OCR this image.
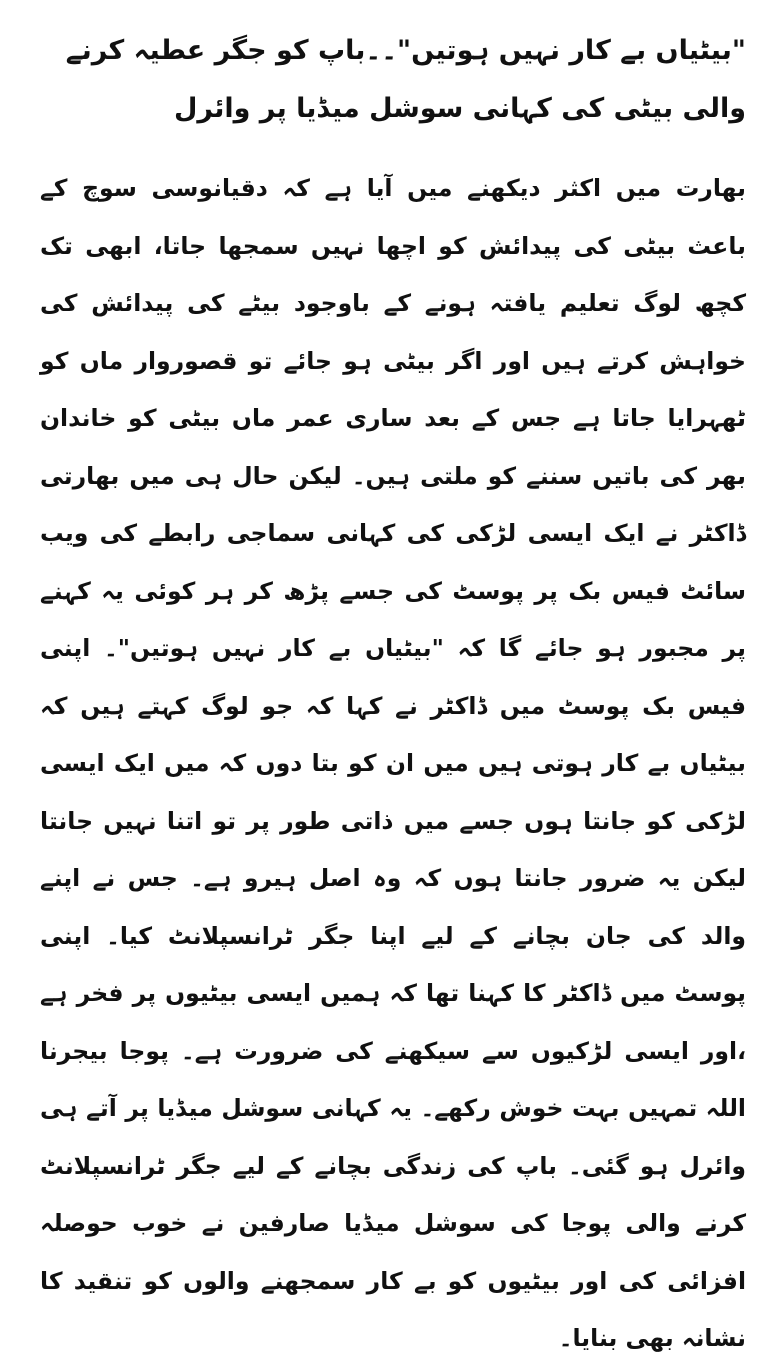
"بیٹیاں بے کار نہیں ہوتیں"۔۔باپ کو جگر عطیہ کرنے والی بیٹی کی کہانی سوشل میڈیا پر وائرل

بھارت میں اکثر دیکھنے میں آیا ہے کہ دقیانوسی سوچ کے باعث بیٹی کی پیدائش کو اچھا نہیں سمجھا جاتا، ابھی تک کچھ لوگ تعلیم یافتہ ہونے کے باوجود بیٹے کی پیدائش کی خواہش کرتے ہیں اور اگر بیٹی ہو جائے تو قصوروار ماں کو ٹھہرایا جاتا ہے جس کے بعد ساری عمر ماں بیٹی کو خاندان بھر کی باتیں سننے کو ملتی ہیں۔ لیکن حال ہی میں بھارتی ڈاکٹر نے ایک ایسی لڑکی کی کہانی سماجی رابطے کی ویب سائٹ فیس بک پر پوسٹ کی جسے پڑھ کر ہر کوئی یہ کہنے پر مجبور ہو جائے گا کہ "بیٹیاں بے کار نہیں ہوتیں"۔ اپنی فیس بک پوسٹ میں ڈاکٹر نے کہا کہ جو لوگ کہتے ہیں کہ بیٹیاں بے کار ہوتی ہیں میں ان کو بتا دوں کہ میں ایک ایسی لڑکی کو جانتا ہوں جسے میں ذاتی طور پر تو اتنا نہیں جانتا لیکن یہ ضرور جانتا ہوں کہ وہ اصل ہیرو ہے۔ جس نے اپنے والد کی جان بچانے کے لیے اپنا جگر ٹرانسپلانٹ کیا۔ اپنی پوسٹ میں ڈاکٹر کا کہنا تھا کہ ہمیں ایسی بیٹیوں پر فخر ہے ،اور ایسی لڑکیوں سے سیکھنے کی ضرورت ہے۔ پوجا بیجرنا اللہ تمہیں بہت خوش رکھے۔ یہ کہانی سوشل میڈیا پر آتے ہی وائرل ہو گئی۔ باپ کی زندگی بچانے کے لیے جگر ٹرانسپلانٹ کرنے والی پوجا کی سوشل میڈیا صارفین نے خوب حوصلہ افزائی کی اور بیٹیوں کو بے کار سمجھنے والوں کو تنقید کا نشانہ بھی بنایا۔
